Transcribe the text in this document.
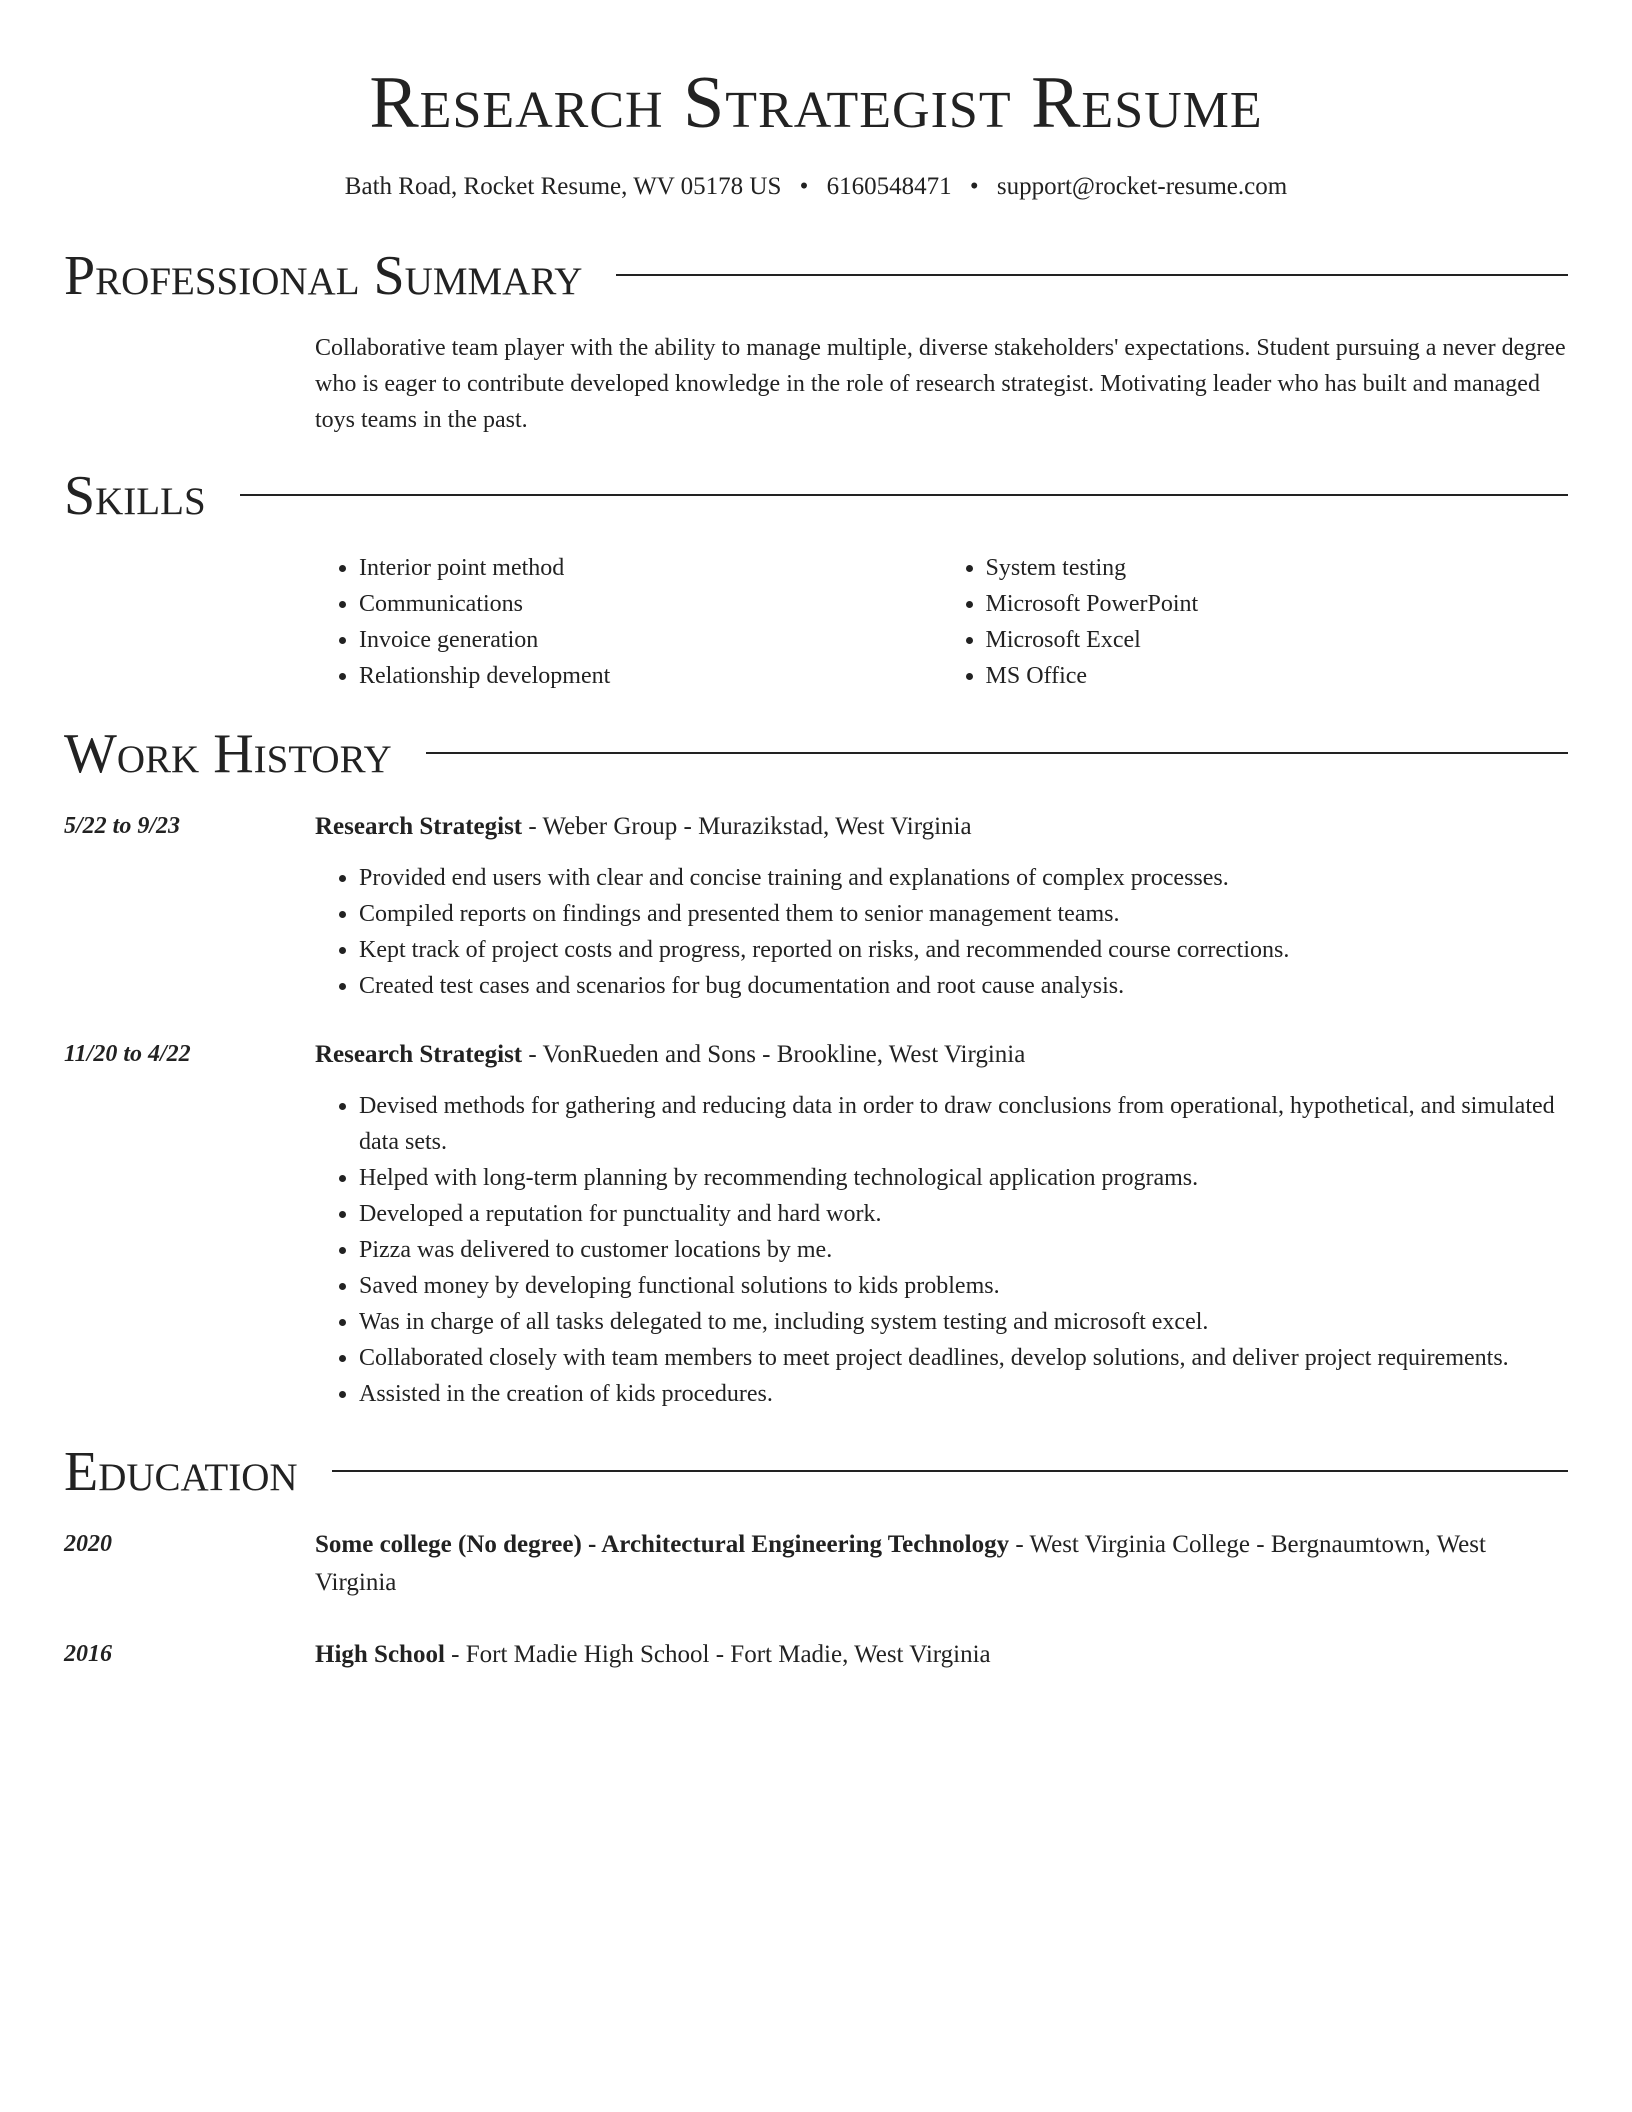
Research Strategist Resume
Bath Road, Rocket Resume, WV 05178 US • 6160548471 • support@rocket-resume.com
Professional Summary

Collaborative team player with the ability to manage multiple, diverse stakeholders' expectations. Student pursuing a never degree who is eager to contribute developed knowledge in the role of research strategist. Motivating leader who has built and managed toys teams in the past.

Skills
• Interior point method
• Communications
• Invoice generation
• Relationship development
• System testing
• Microsoft PowerPoint
• Microsoft Excel
• MS Office
Work History
5/22 to 9/23	Research Strategist - Weber Group - Murazikstad, West Virginia

• Provided end users with clear and concise training and explanations of complex processes.
• Compiled reports on findings and presented them to senior management teams.
• Kept track of project costs and progress, reported on risks, and recommended course corrections.
• Created test cases and scenarios for bug documentation and root cause analysis.
11/20 to 4/22	Research Strategist - VonRueden and Sons - Brookline, West Virginia

• Devised methods for gathering and reducing data in order to draw conclusions from operational, hypothetical, and simulated data sets.
• Helped with long-term planning by recommending technological application programs.
• Developed a reputation for punctuality and hard work.
• Pizza was delivered to customer locations by me.
• Saved money by developing functional solutions to kids problems.
• Was in charge of all tasks delegated to me, including system testing and microsoft excel.
• Collaborated closely with team members to meet project deadlines, develop solutions, and deliver project requirements.
• Assisted in the creation of kids procedures.
Education
2020	Some college (No degree) - Architectural Engineering Technology - West Virginia College - Bergnaumtown, West Virginia

2016	High School - Fort Madie High School - Fort Madie, West Virginia
